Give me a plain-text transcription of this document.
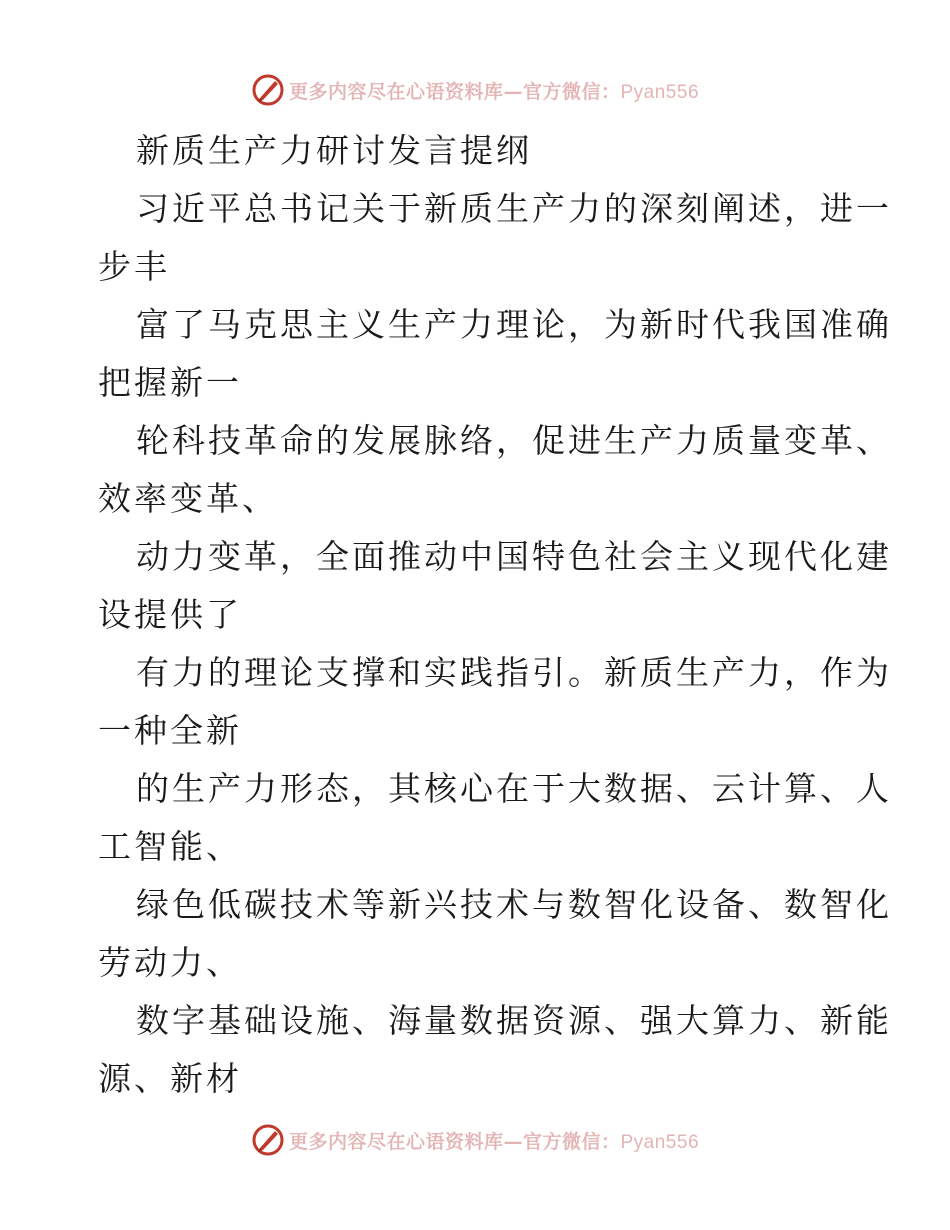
更多内容尽在心语资料库—官方微信：Pyan556
新质生产力研讨发言提纲
习近平总书记关于新质生产力的深刻阐述，进一
步丰
富了马克思主义生产力理论，为新时代我国准确
把握新一
轮科技革命的发展脉络，促进生产力质量变革、
效率变革、
动力变革，全面推动中国特色社会主义现代化建
设提供了
有力的理论支撑和实践指引。新质生产力，作为
一种全新
的生产力形态，其核心在于大数据、云计算、人
工智能、
绿色低碳技术等新兴技术与数智化设备、数智化
劳动力、
数字基础设施、海量数据资源、强大算力、新能
源、新材
更多内容尽在心语资料库—官方微信：Pyan556
